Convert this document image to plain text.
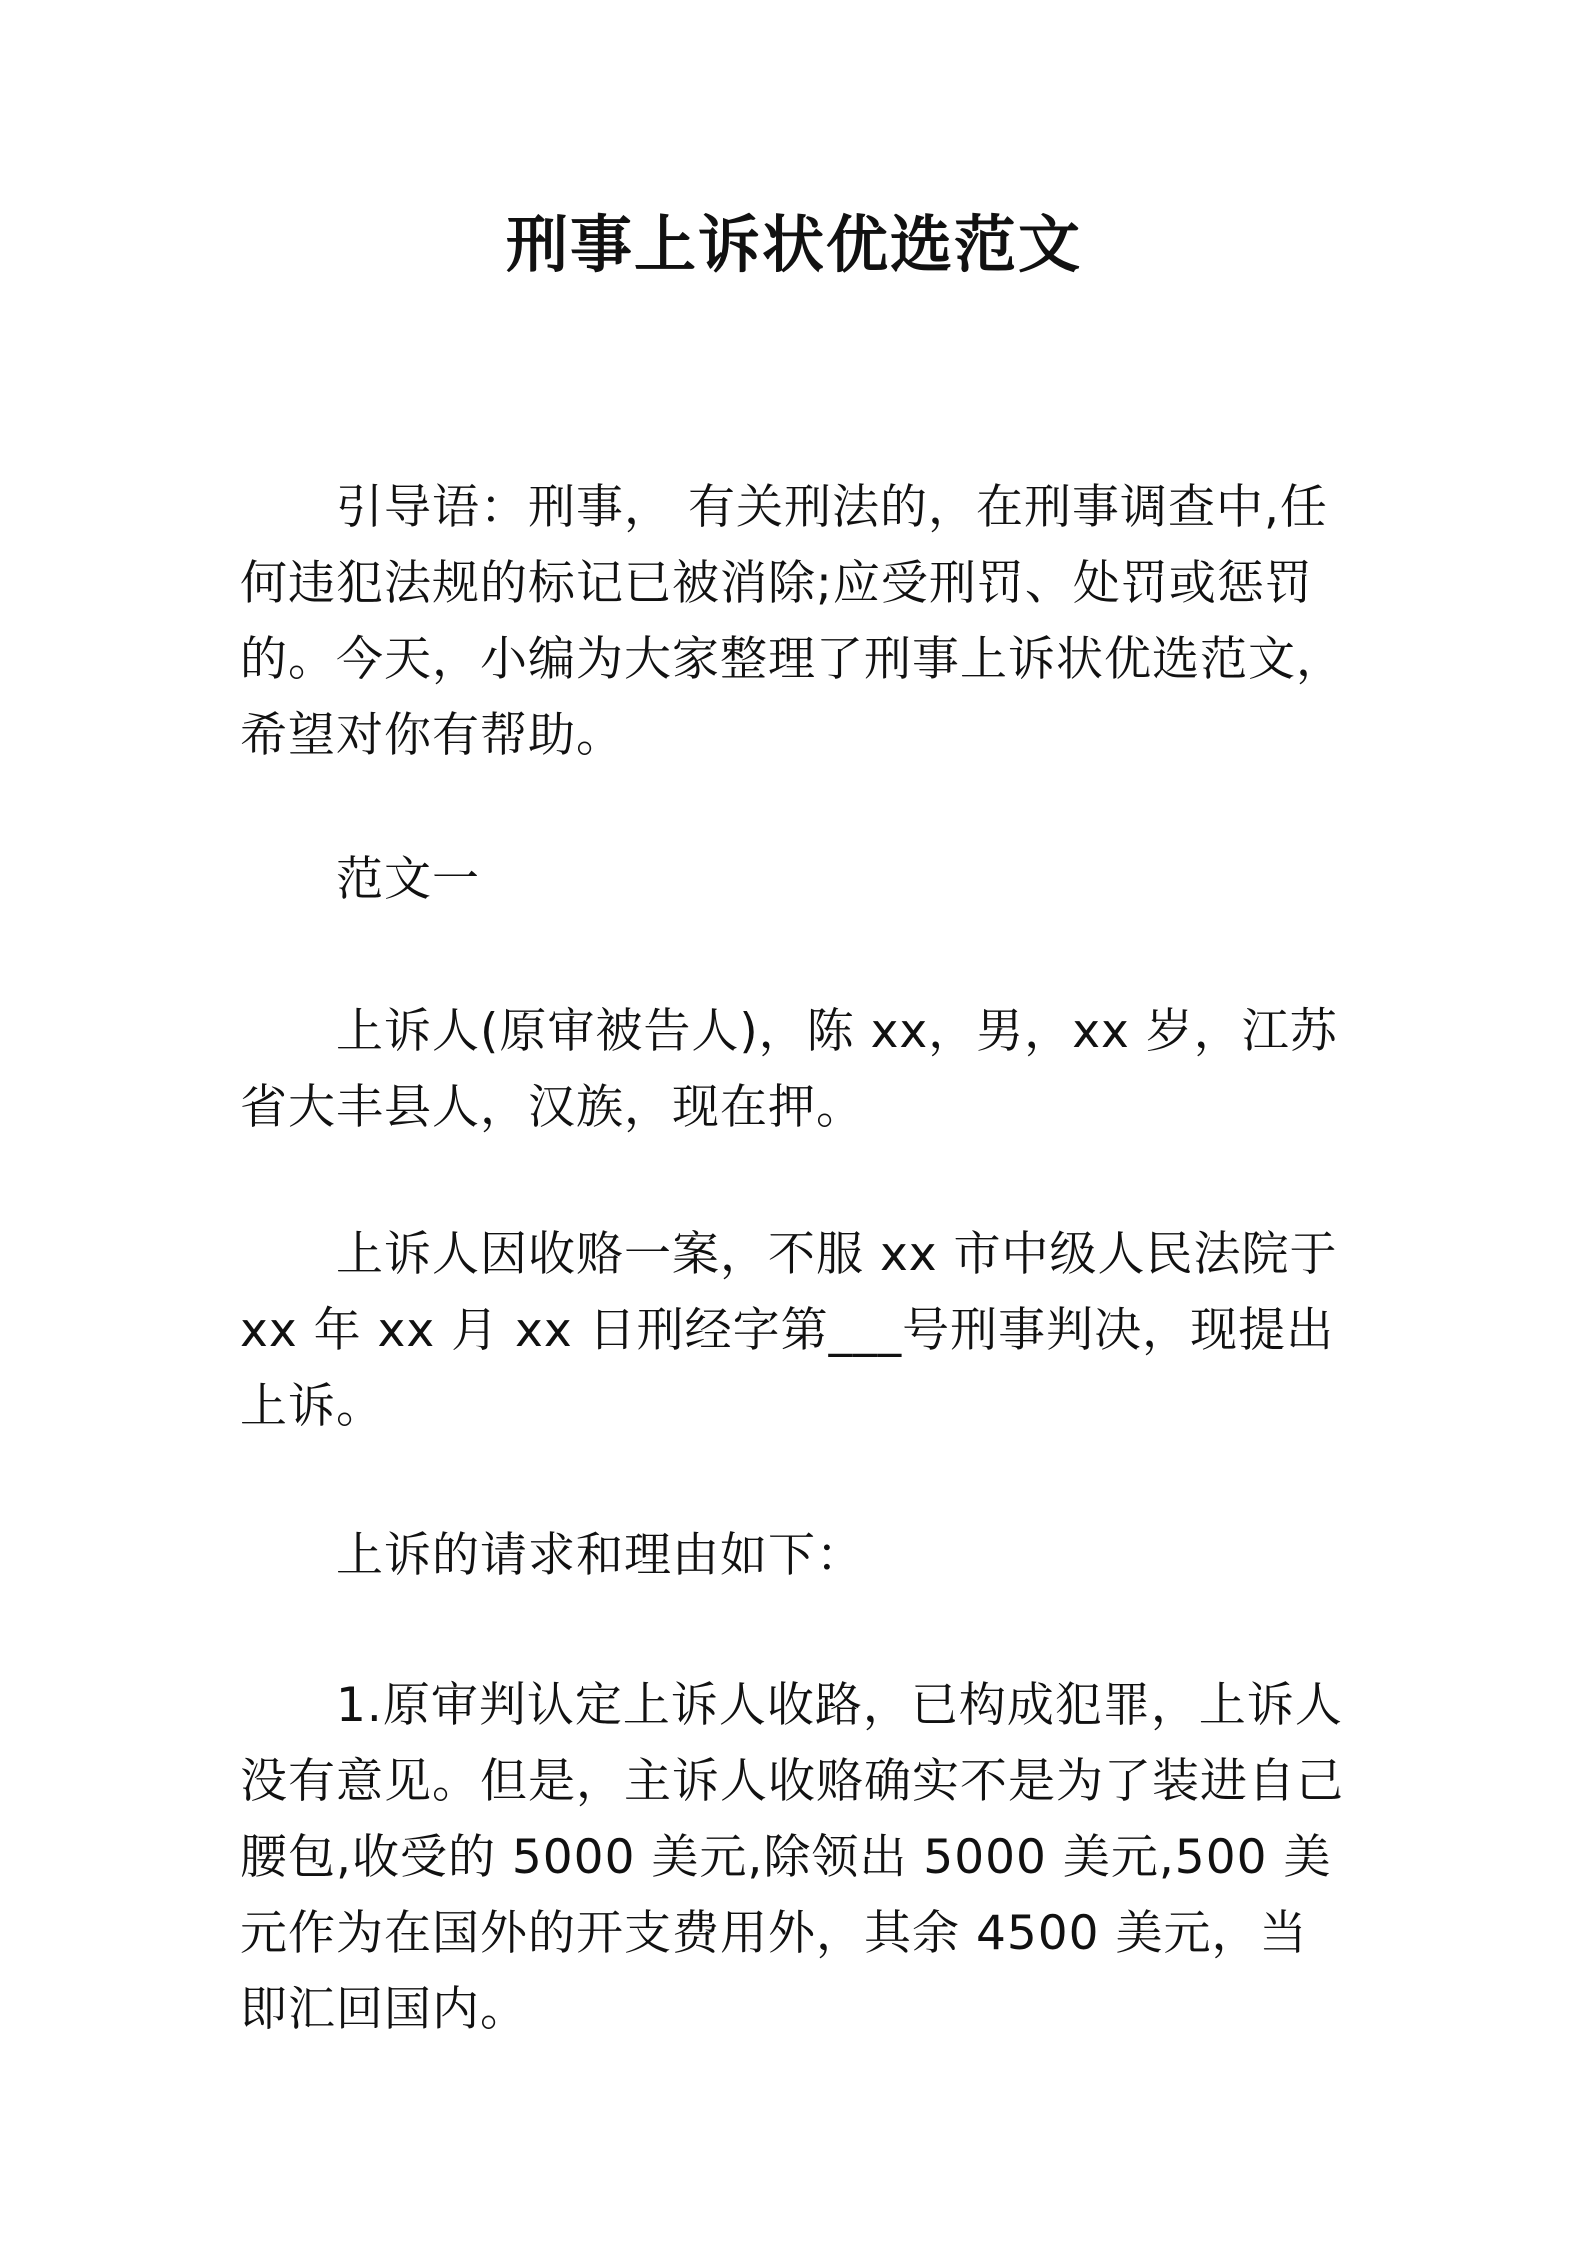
刑事上诉状优选范文

引导语：刑事， 有关刑法的，在刑事调查中,任何违犯法规的标记已被消除;应受刑罚、处罚或惩罚的。今天，小编为大家整理了刑事上诉状优选范文，希望对你有帮助。

范文一

上诉人(原审被告人)，陈 xx，男，xx 岁，江苏省大丰县人，汉族，现在押。

上诉人因收赂一案，不服 xx 市中级人民法院于 xx 年 xx 月 xx 日刑经字第___号刑事判决，现提出上诉。

上诉的请求和理由如下：

1.原审判认定上诉人收路，已构成犯罪，上诉人没有意见。但是，主诉人收赂确实不是为了装进自己腰包,收受的 5000 美元,除领出 5000 美元,500 美元作为在国外的开支费用外，其余 4500 美元，当即汇回国内。
